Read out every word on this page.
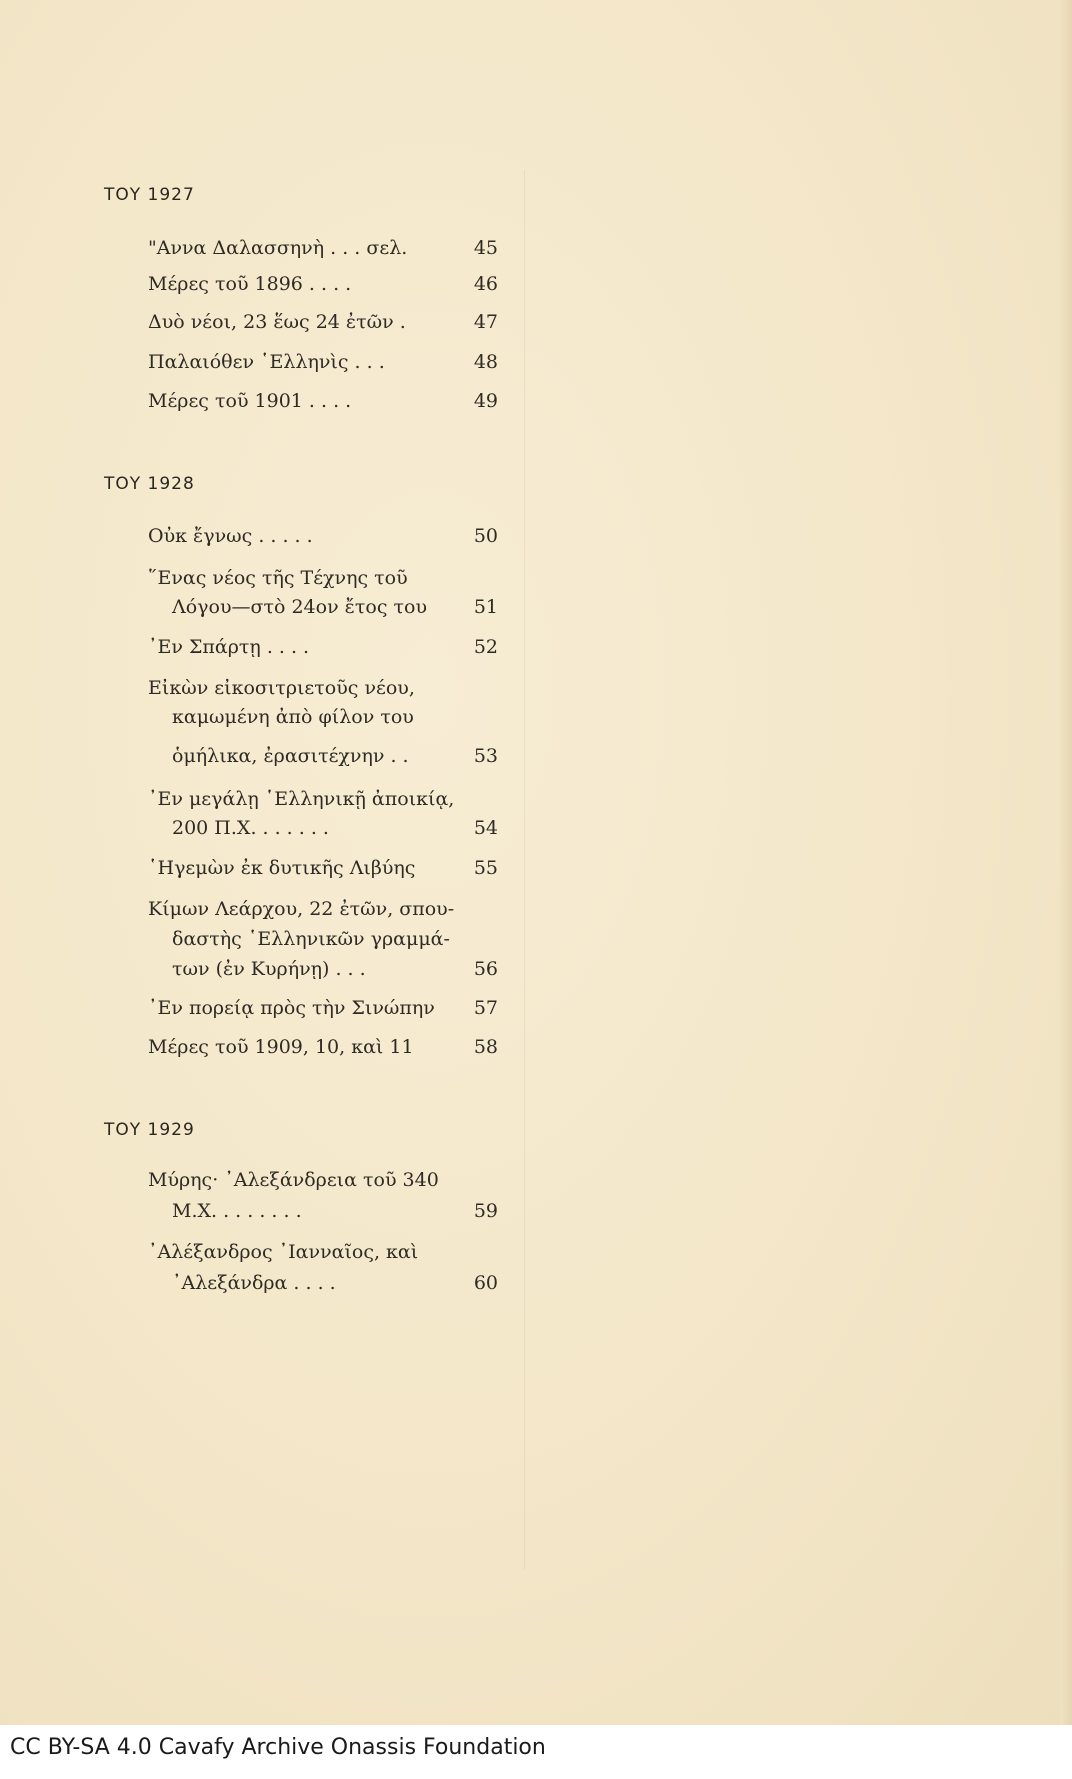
ΤΟΥ 1927
"Αννα Δαλασσηνὴ . . . σελ.	45
Μέρες τοῦ 1896 . . . .	46
Δυὸ νέοι, 23 ἕως 24 ἐτῶν .	47
Παλαιόθεν ῾Ελληνὶς . . .	48
Μέρες τοῦ 1901 . . . .	49
ΤΟΥ 1928
Οὐκ ἔγνως . . . . .	50
῞Ενας νέος τῆς Τέχνης τοῦ
Λόγου—στὸ 24ον ἔτος του	51
᾿Εν Σπάρτῃ . . . .	52
Εἰκὼν εἰκοσιτριετοῦς νέου,
καμωμένη ἀπὸ φίλον του
ὁμήλικα, ἐρασιτέχνην . .	53
᾿Εν μεγάλῃ ῾Ελληνικῇ ἀποικίᾳ,
200 Π.Χ. . . . . . .	54
῾Ηγεμὼν ἐκ δυτικῆς Λιβύης	55
Κίμων Λεάρχου, 22 ἐτῶν, σπου-
δαστὴς ῾Ελληνικῶν γραμμά-
των (ἐν Κυρήνῃ) . . .	56
᾿Εν πορείᾳ πρὸς τὴν Σινώπην	57
Μέρες τοῦ 1909, 10, καὶ 11	58
ΤΟΥ 1929
Μύρης· ᾿Αλεξάνδρεια τοῦ 340
Μ.Χ. . . . . . . .	59
᾿Αλέξανδρος ᾿Ιανναῖος, καὶ
᾿Αλεξάνδρα . . . .	60
CC BY-SA 4.0 Cavafy Archive Onassis Foundation
